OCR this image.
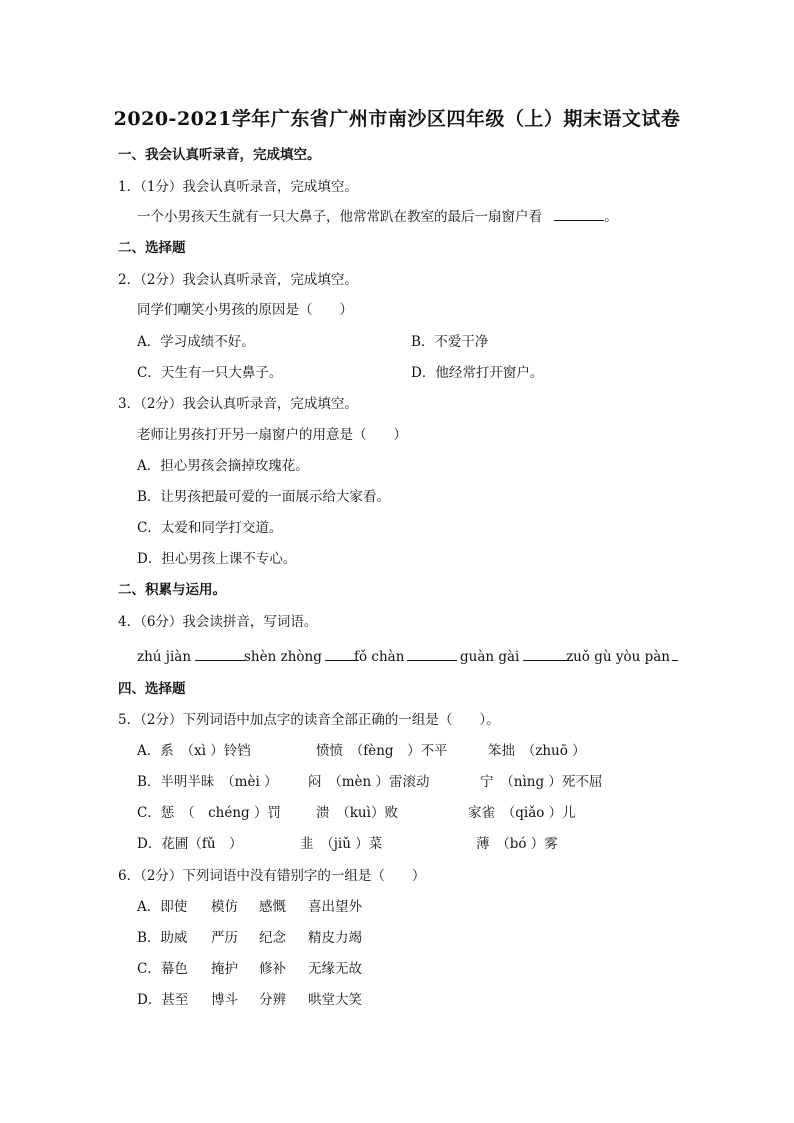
2020-2021学年广东省广州市南沙区四年级（上）期末语文试卷
一、我会认真听录音，完成填空。
1．（1分）我会认真听录音，完成填空。
一个小男孩天生就有一只大鼻子，他常常趴在教室的最后一扇窗户看	。
二、选择题
2．（2分）我会认真听录音，完成填空。
同学们嘲笑小男孩的原因是（　　）
A．学习成绩不好。	B．不爱干净
C．天生有一只大鼻子。	D．他经常打开窗户。
3．（2分）我会认真听录音，完成填空。
老师让男孩打开另一扇窗户的用意是（　　）
A．担心男孩会摘掉玫瑰花。
B．让男孩把最可爱的一面展示给大家看。
C．太爱和同学打交道。
D．担心男孩上课不专心。
二、积累与运用。
4．（6分）我会读拼音，写词语。
zhú jiàn	shèn zhòng	fǒ chàn	guàn gài	zuǒ gù yòu pàn
四、选择题
5．（2分）下列词语中加点字的读音全部正确的一组是（　　）。
A．系　（xì ）铃铛	愤愤　（fèng　）不平	笨拙　（zhuō ）
B．半明半昧　（mèi ） 闷　（mèn ）雷滚动	宁　（nìng ）死不屈
C．惩　（　chéng ）罚	溃　（kuì）败	家雀　（qiǎo ）儿
D．花圃（fǔ　）	韭　（jiǔ ）菜	薄　（bó ）雾
6．（2分）下列词语中没有错别字的一组是（　　）
A．即使 模仿 感慨 喜出望外
B．助威 严历 纪念 精皮力竭
C．幕色 掩护 修补 无缘无故
D．甚至 博斗 分辨 哄堂大笑
